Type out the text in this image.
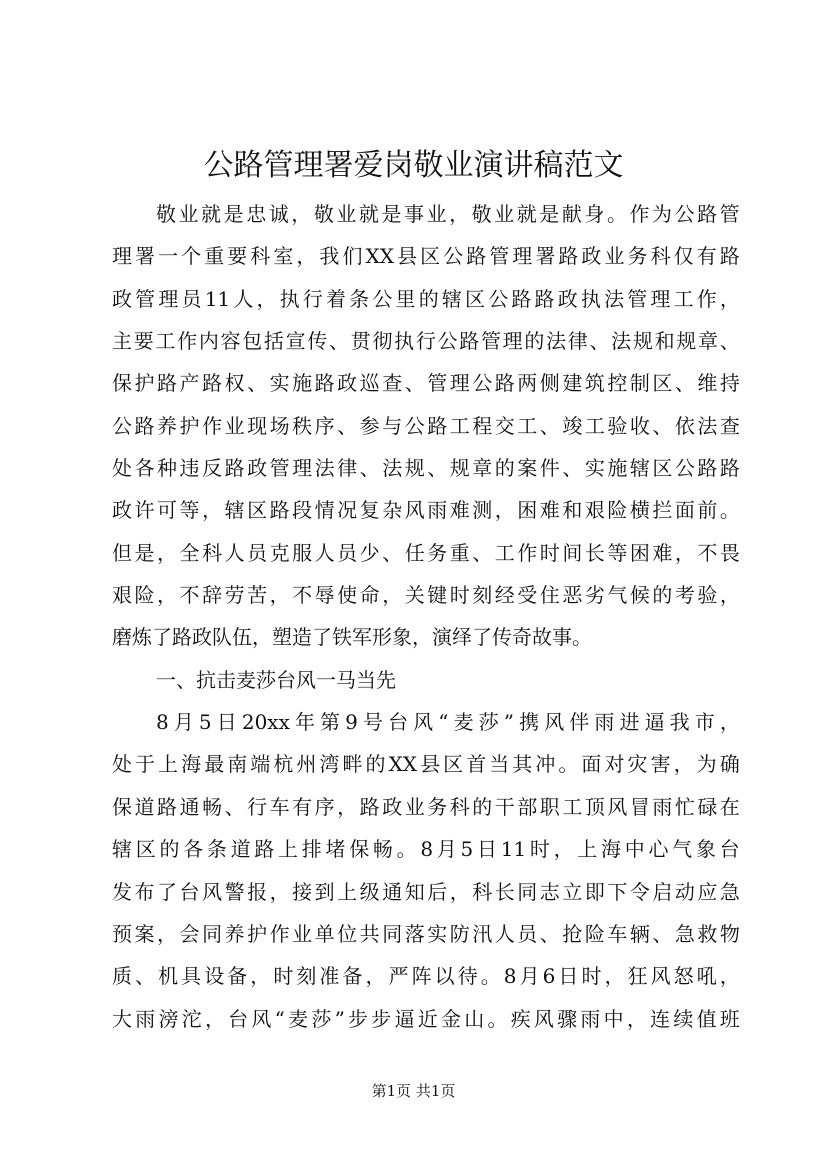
公路管理署爱岗敬业演讲稿范文
敬 业 就 是 忠 诚 ， 敬 业 就 是 事 业 ， 敬 业 就 是 献 身 。 作 为 公 路 管
理 署 一 个 重 要 科 室 ， 我 们 XX 县 区 公 路 管 理 署 路 政 业 务 科 仅 有 路
政 管 理 员 11 人 ， 执 行 着 条 公 里 的 辖 区 公 路 路 政 执 法 管 理 工 作 ，
主 要 工 作 内 容 包 括 宣 传 、 贯 彻 执 行 公 路 管 理 的 法 律 、 法 规 和 规 章 、
保 护 路 产 路 权 、 实 施 路 政 巡 查 、 管 理 公 路 两 侧 建 筑 控 制 区 、 维 持
公 路 养 护 作 业 现 场 秩 序 、 参 与 公 路 工 程 交 工 、 竣 工 验 收 、 依 法 查
处 各 种 违 反 路 政 管 理 法 律 、 法 规 、 规 章 的 案 件 、 实 施 辖 区 公 路 路
政 许 可 等 ， 辖 区 路 段 情 况 复 杂 风 雨 难 测 ， 困 难 和 艰 险 横 拦 面 前 。
但 是 ， 全 科 人 员 克 服 人 员 少 、 任 务 重 、 工 作 时 间 长 等 困 难 ， 不 畏
艰 险 ， 不 辞 劳 苦 ， 不 辱 使 命 ， 关 键 时 刻 经 受 住 恶 劣 气 候 的 考 验 ，
磨炼了路政队伍，塑造了铁军形象，演绎了传奇故事。
一、抗击麦莎台风一马当先
8 月 5 日 20xx 年 第 9 号 台 风 “ 麦 莎 ” 携 风 伴 雨 进 逼 我 市 ，
处 于 上 海 最 南 端 杭 州 湾 畔 的 XX 县 区 首 当 其 冲 。 面 对 灾 害 ， 为 确
保 道 路 通 畅 、 行 车 有 序 ， 路 政 业 务 科 的 干 部 职 工 顶 风 冒 雨 忙 碌 在
辖 区 的 各 条 道 路 上 排 堵 保 畅 。 8 月 5 日 11 时 ， 上 海 中 心 气 象 台
发 布 了 台 风 警 报 ， 接 到 上 级 通 知 后 ， 科 长 同 志 立 即 下 令 启 动 应 急
预 案 ， 会 同 养 护 作 业 单 位 共 同 落 实 防 汛 人 员 、 抢 险 车 辆 、 急 救 物
质 、 机 具 设 备 ， 时 刻 准 备 ， 严 阵 以 待 。 8 月 6 日 时 ， 狂 风 怒 吼 ，
大 雨 滂 沱 ， 台 风 “ 麦 莎 ” 步 步 逼 近 金 山 。 疾 风 骤 雨 中 ， 连 续 值 班
第1页 共1页
